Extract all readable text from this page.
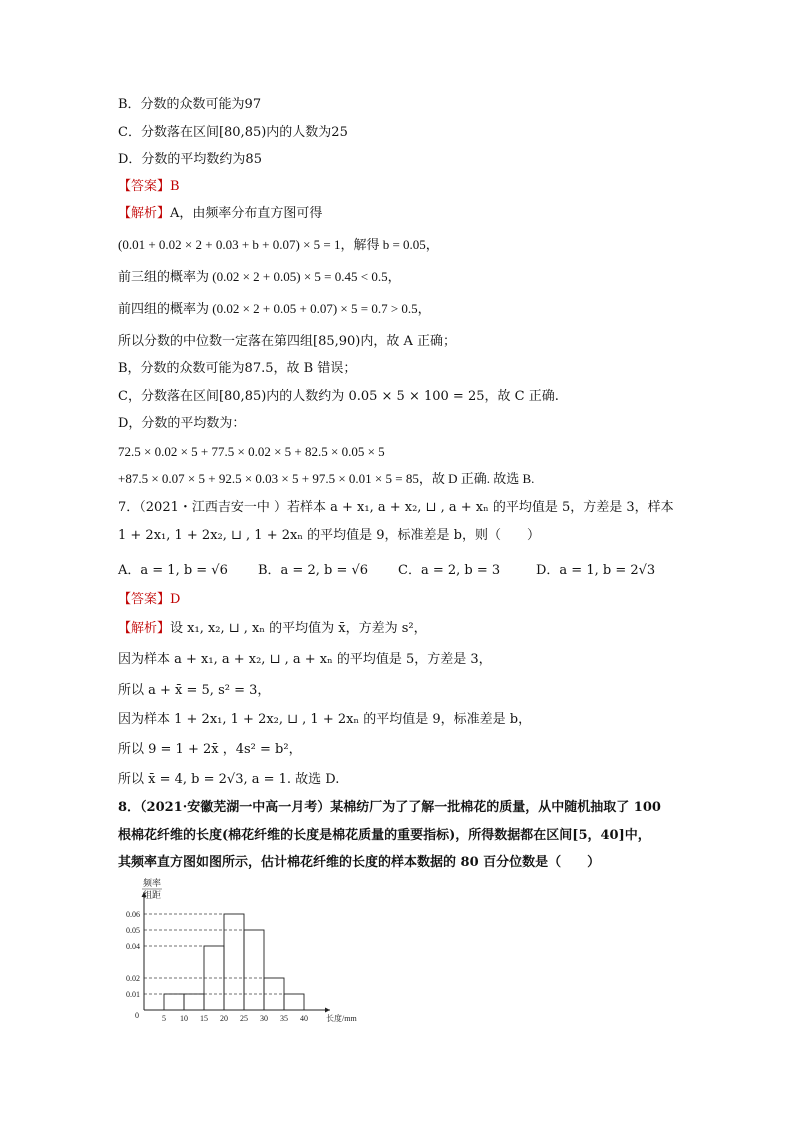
B．分数的众数可能为97
C．分数落在区间[80,85)内的人数为25
D．分数的平均数约为85
【答案】B
【解析】A，由频率分布直方图可得
(0.01 + 0.02 × 2 + 0.03 + b + 0.07) × 5 = 1，解得 b = 0.05，
前三组的概率为 (0.02 × 2 + 0.05) × 5 = 0.45 < 0.5，
前四组的概率为 (0.02 × 2 + 0.05 + 0.07) × 5 = 0.7 > 0.5，
所以分数的中位数一定落在第四组[85,90)内，故 A 正确；
B，分数的众数可能为87.5，故 B 错误；
C，分数落在区间[80,85)内的人数约为 0.05 × 5 × 100 = 25，故 C 正确.
D，分数的平均数为：
72.5 × 0.02 × 5 + 77.5 × 0.02 × 5 + 82.5 × 0.05 × 5
+87.5 × 0.07 × 5 + 92.5 × 0.03 × 5 + 97.5 × 0.01 × 5 = 85，故 D 正确. 故选 B.
7．（2021・江西吉安一中 ）若样本 a + x₁, a + x₂, ⊔ , a + xₙ 的平均值是 5，方差是 3，样本
1 + 2x₁, 1 + 2x₂, ⊔ , 1 + 2xₙ 的平均值是 9，标准差是 b，则（　　）
A．a = 1, b = √6 B．a = 2, b = √6 C．a = 2, b = 3	D．a = 1, b = 2√3
【答案】D
【解析】设 x₁, x₂, ⊔ , xₙ 的平均值为 x̄，方差为 s²，
因为样本 a + x₁, a + x₂, ⊔ , a + xₙ 的平均值是 5，方差是 3，
所以 a + x̄ = 5, s² = 3，
因为样本 1 + 2x₁, 1 + 2x₂, ⊔ , 1 + 2xₙ 的平均值是 9，标准差是 b，
所以 9 = 1 + 2x̄ ，4s² = b²，
所以 x̄ = 4, b = 2√3, a = 1. 故选 D.
8．（2021·安徽芜湖一中高一月考）某棉纺厂为了了解一批棉花的质量，从中随机抽取了 100
根棉花纤维的长度(棉花纤维的长度是棉花质量的重要指标)，所得数据都在区间[5，40]中，
其频率直方图如图所示，估计棉花纤维的长度的样本数据的 80 百分位数是（　　）
0.01
0.02
0.04
0.05
0.06
5 10 15 20 25 30 35 40
0	长度/mm
频率
组距
